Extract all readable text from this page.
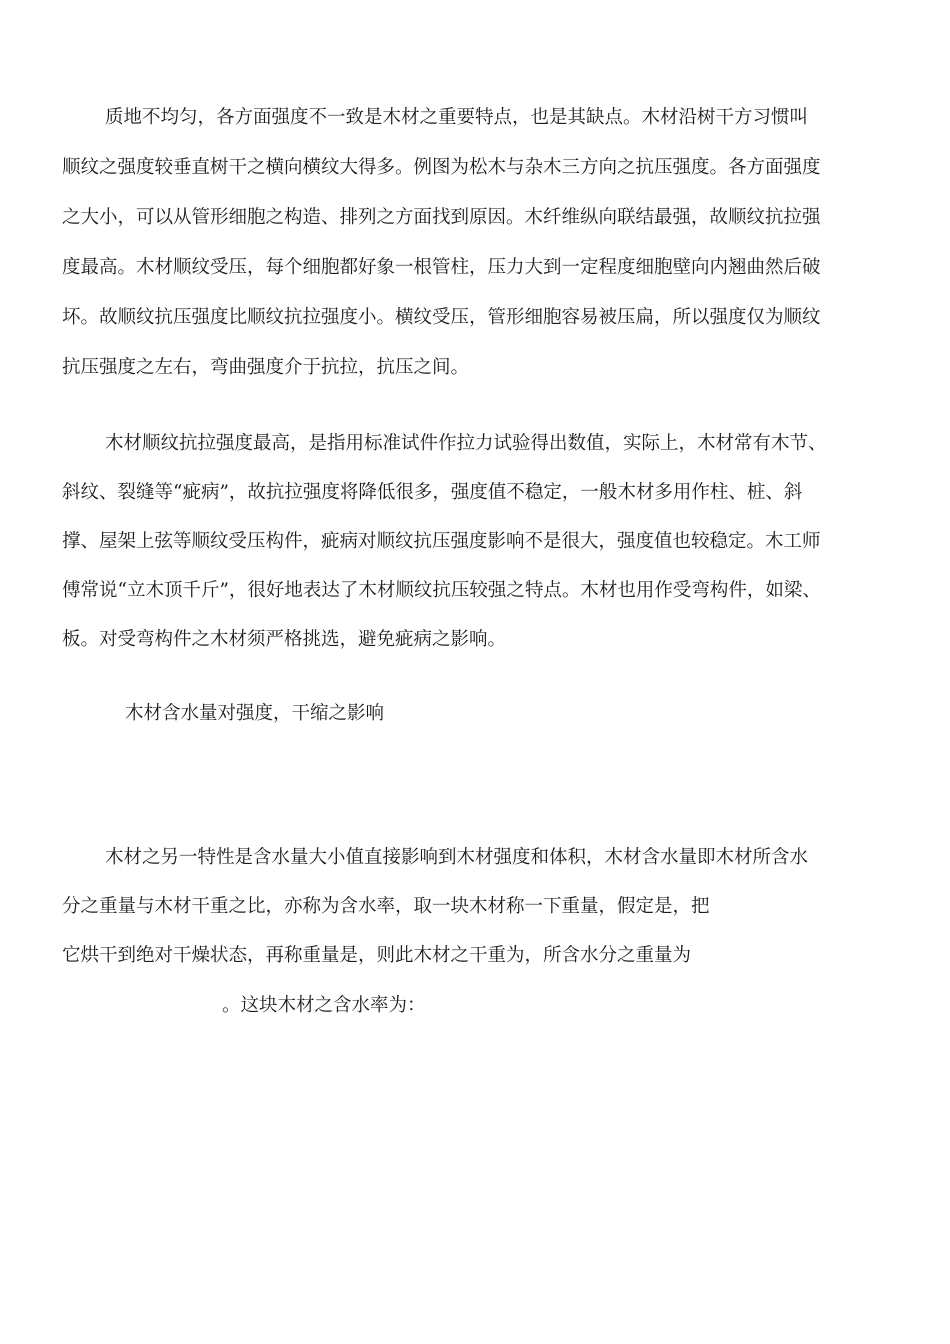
质地不均匀，各方面强度不一致是木材之重要特点，也是其缺点。木材沿树干方习惯叫
顺纹之强度较垂直树干之横向横纹大得多。例图为松木与杂木三方向之抗压强度。各方面强度
之大小，可以从管形细胞之构造、排列之方面找到原因。木纤维纵向联结最强，故顺纹抗拉强
度最高。木材顺纹受压，每个细胞都好象一根管柱，压力大到一定程度细胞壁向内翘曲然后破
坏。故顺纹抗压强度比顺纹抗拉强度小。横纹受压，管形细胞容易被压扁，所以强度仅为顺纹
抗压强度之左右，弯曲强度介于抗拉，抗压之间。
木材顺纹抗拉强度最高，是指用标准试件作拉力试验得出数值，实际上，木材常有木节、
斜纹、裂缝等“疵病”，故抗拉强度将降低很多，强度值不稳定，一般木材多用作柱、桩、斜
撑、屋架上弦等顺纹受压构件，疵病对顺纹抗压强度影响不是很大，强度值也较稳定。木工师
傅常说“立木顶千斤”，很好地表达了木材顺纹抗压较强之特点。木材也用作受弯构件，如梁、
板。对受弯构件之木材须严格挑选，避免疵病之影响。
木材含水量对强度，干缩之影响
木材之另一特性是含水量大小值直接影响到木材强度和体积，木材含水量即木材所含水
分之重量与木材干重之比，亦称为含水率，取一块木材称一下重量，假定是，把
它烘干到绝对干燥状态，再称重量是，则此木材之干重为，所含水分之重量为
。这块木材之含水率为：
